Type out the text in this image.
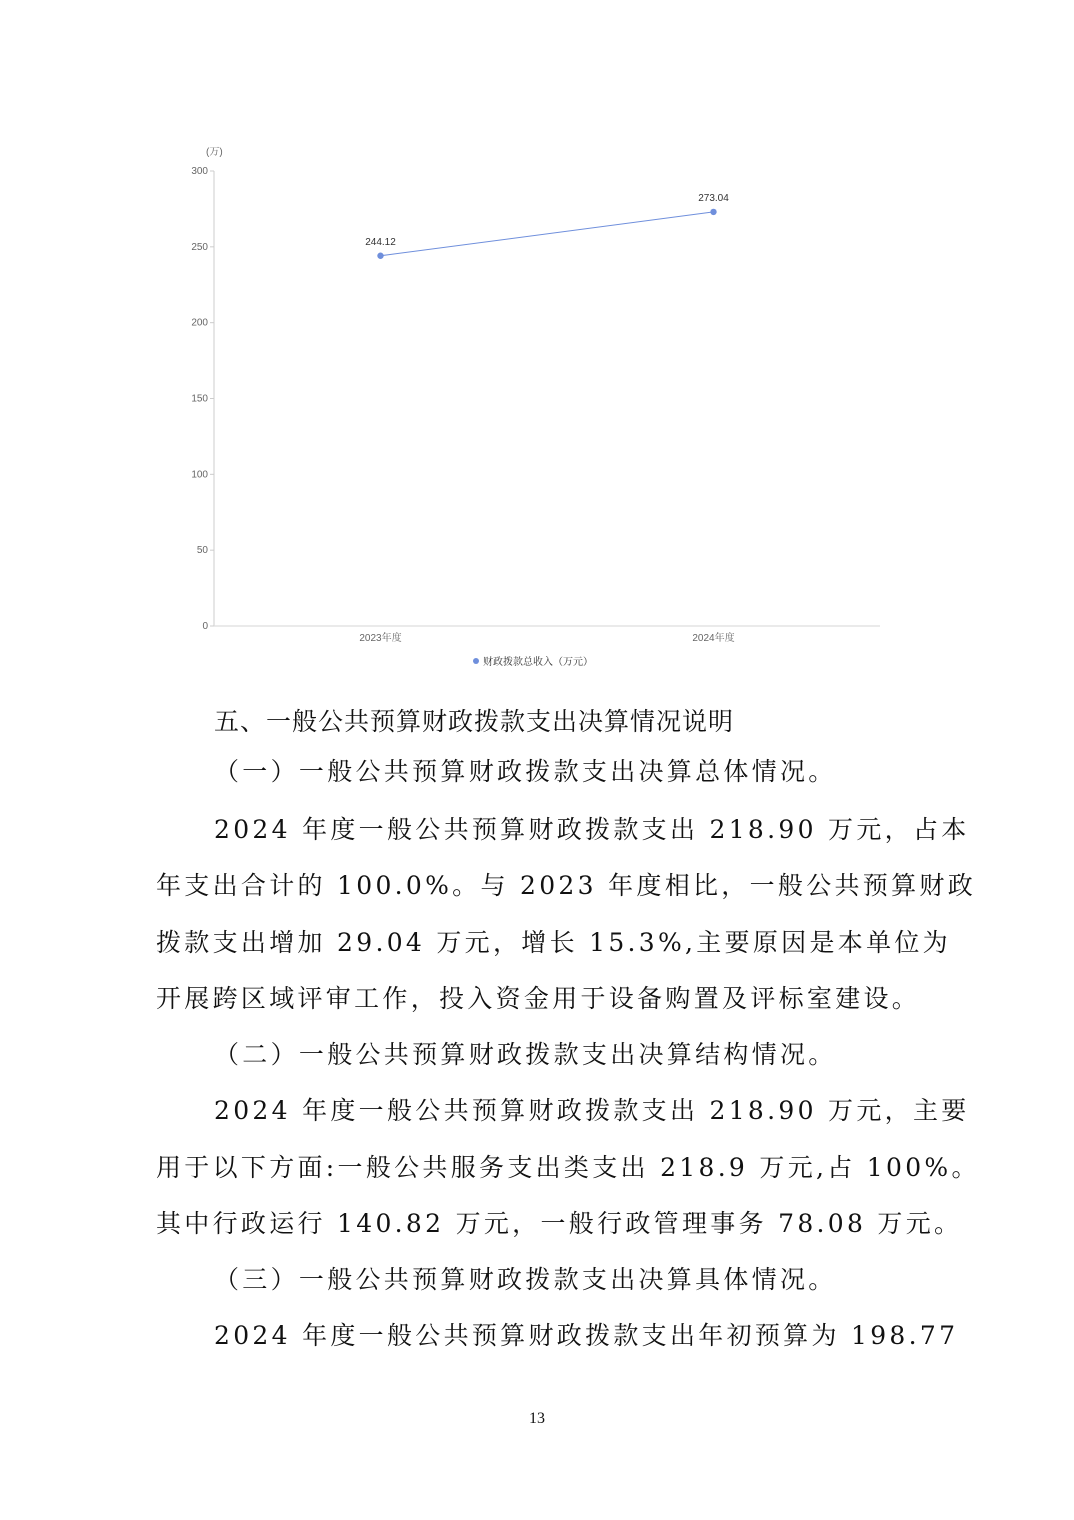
(万)
0
50
100
150
200
250
300
2023年度	2024年度
244.12
273.04
财政拨款总收入（万元）
五、一般公共预算财政拨款支出决算情况说明
（一）一般公共预算财政拨款支出决算总体情况。
2024 年度一般公共预算财政拨款支出 218.90 万元，占本
年支出合计的 100.0%。与 2023 年度相比，一般公共预算财政
拨款支出增加 29.04 万元，增长 15.3%,主要原因是本单位为
开展跨区域评审工作，投入资金用于设备购置及评标室建设。
（二）一般公共预算财政拨款支出决算结构情况。
2024 年度一般公共预算财政拨款支出 218.90 万元，主要
用于以下方面:一般公共服务支出类支出 218.9 万元,占 100%。
其中行政运行 140.82 万元，一般行政管理事务 78.08 万元。
（三）一般公共预算财政拨款支出决算具体情况。
2024 年度一般公共预算财政拨款支出年初预算为 198.77
13
